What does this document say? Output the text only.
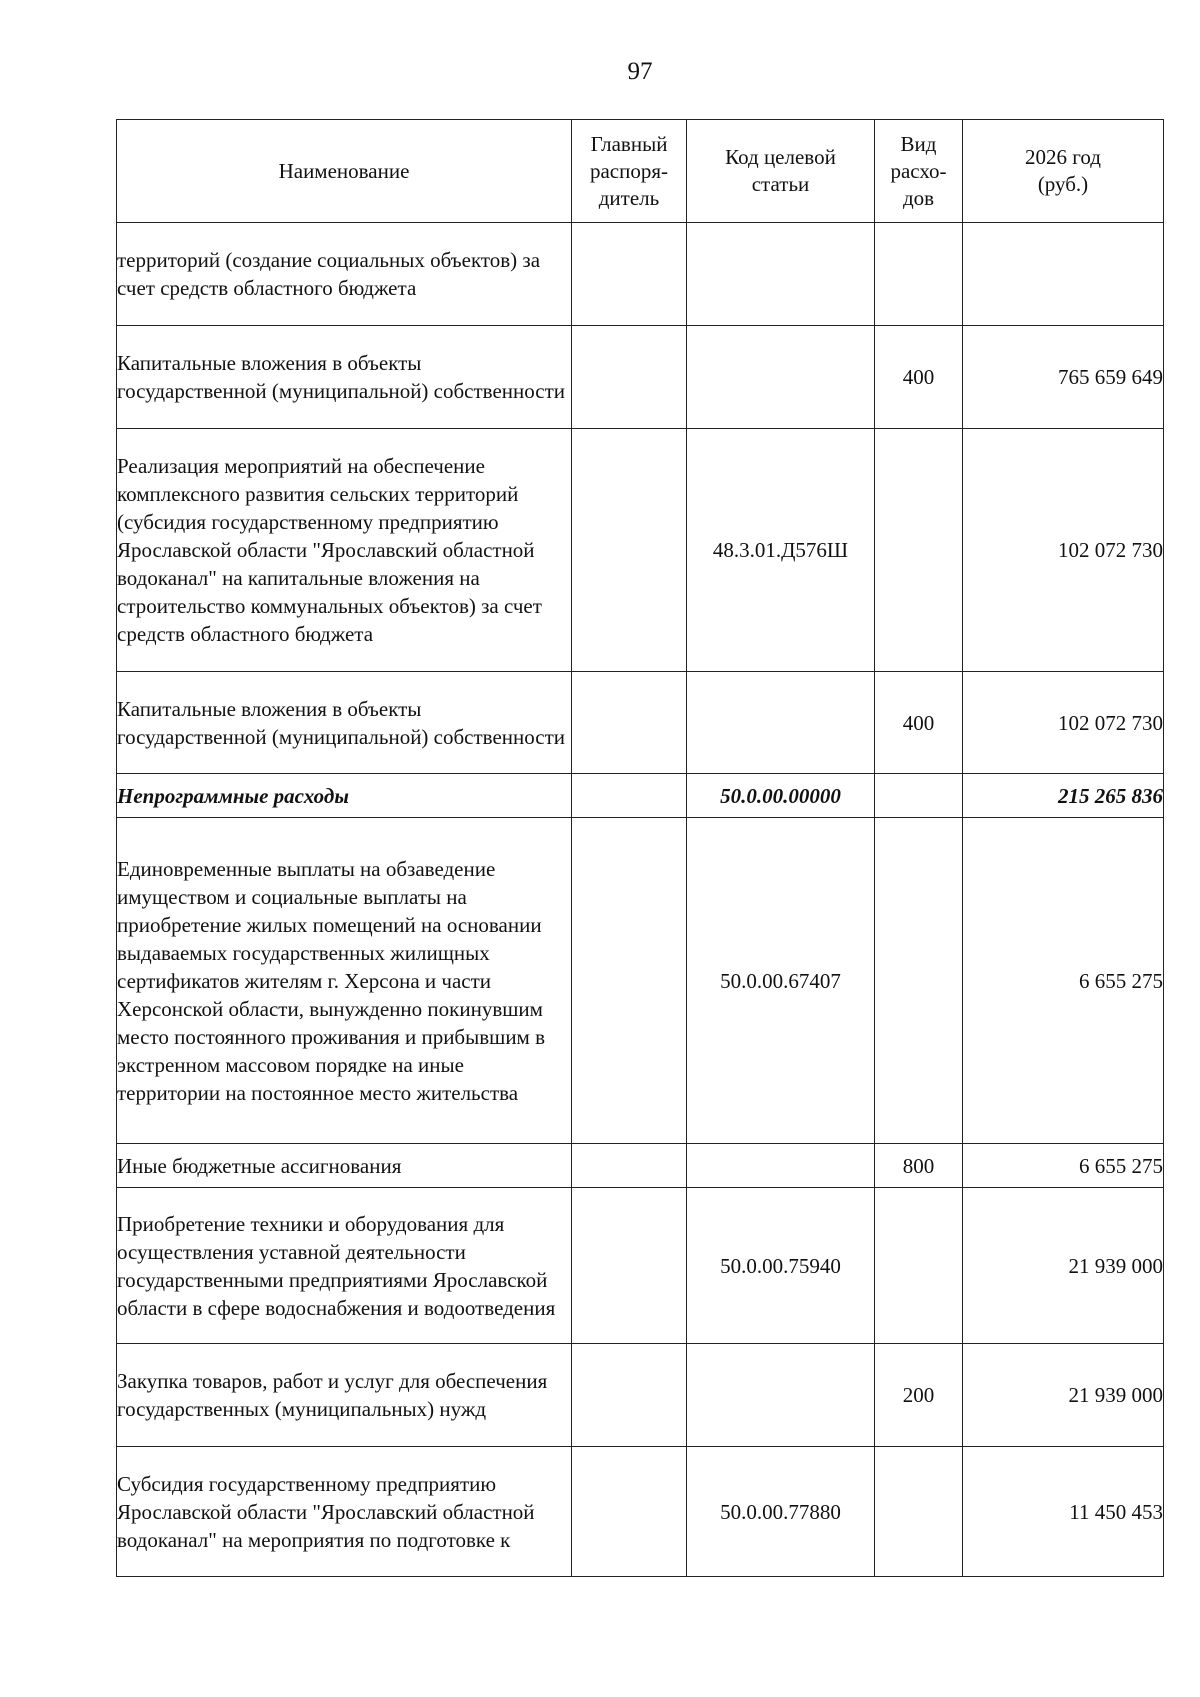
97
Наименование	Главный распоря-дитель	Код целевой статьи	Вид расхо-дов	2026 год (руб.)
территорий (создание социальных объектов) за счет средств областного бюджета				
Капитальные вложения в объекты государственной (муниципальной) собственности			400	765 659 649
Реализация мероприятий на обеспечение комплексного развития сельских территорий (субсидия государственному предприятию Ярославской области "Ярославский областной водоканал" на капитальные вложения на строительство коммунальных объектов) за счет средств областного бюджета		48.3.01.Д576Ш		102 072 730
Капитальные вложения в объекты государственной (муниципальной) собственности			400	102 072 730
Непрограммные расходы		50.0.00.00000		215 265 836
Единовременные выплаты на обзаведение имуществом и социальные выплаты на приобретение жилых помещений на основании выдаваемых государственных жилищных сертификатов жителям г. Херсона и части Херсонской области, вынужденно покинувшим место постоянного проживания и прибывшим в экстренном массовом порядке на иные территории на постоянное место жительства		50.0.00.67407		6 655 275
Иные бюджетные ассигнования			800	6 655 275
Приобретение техники и оборудования для осуществления уставной деятельности государственными предприятиями Ярославской области в сфере водоснабжения и водоотведения		50.0.00.75940		21 939 000
Закупка товаров, работ и услуг для обеспечения государственных (муниципальных) нужд			200	21 939 000
Субсидия государственному предприятию Ярославской области "Ярославский областной водоканал" на мероприятия по подготовке к		50.0.00.77880		11 450 453
